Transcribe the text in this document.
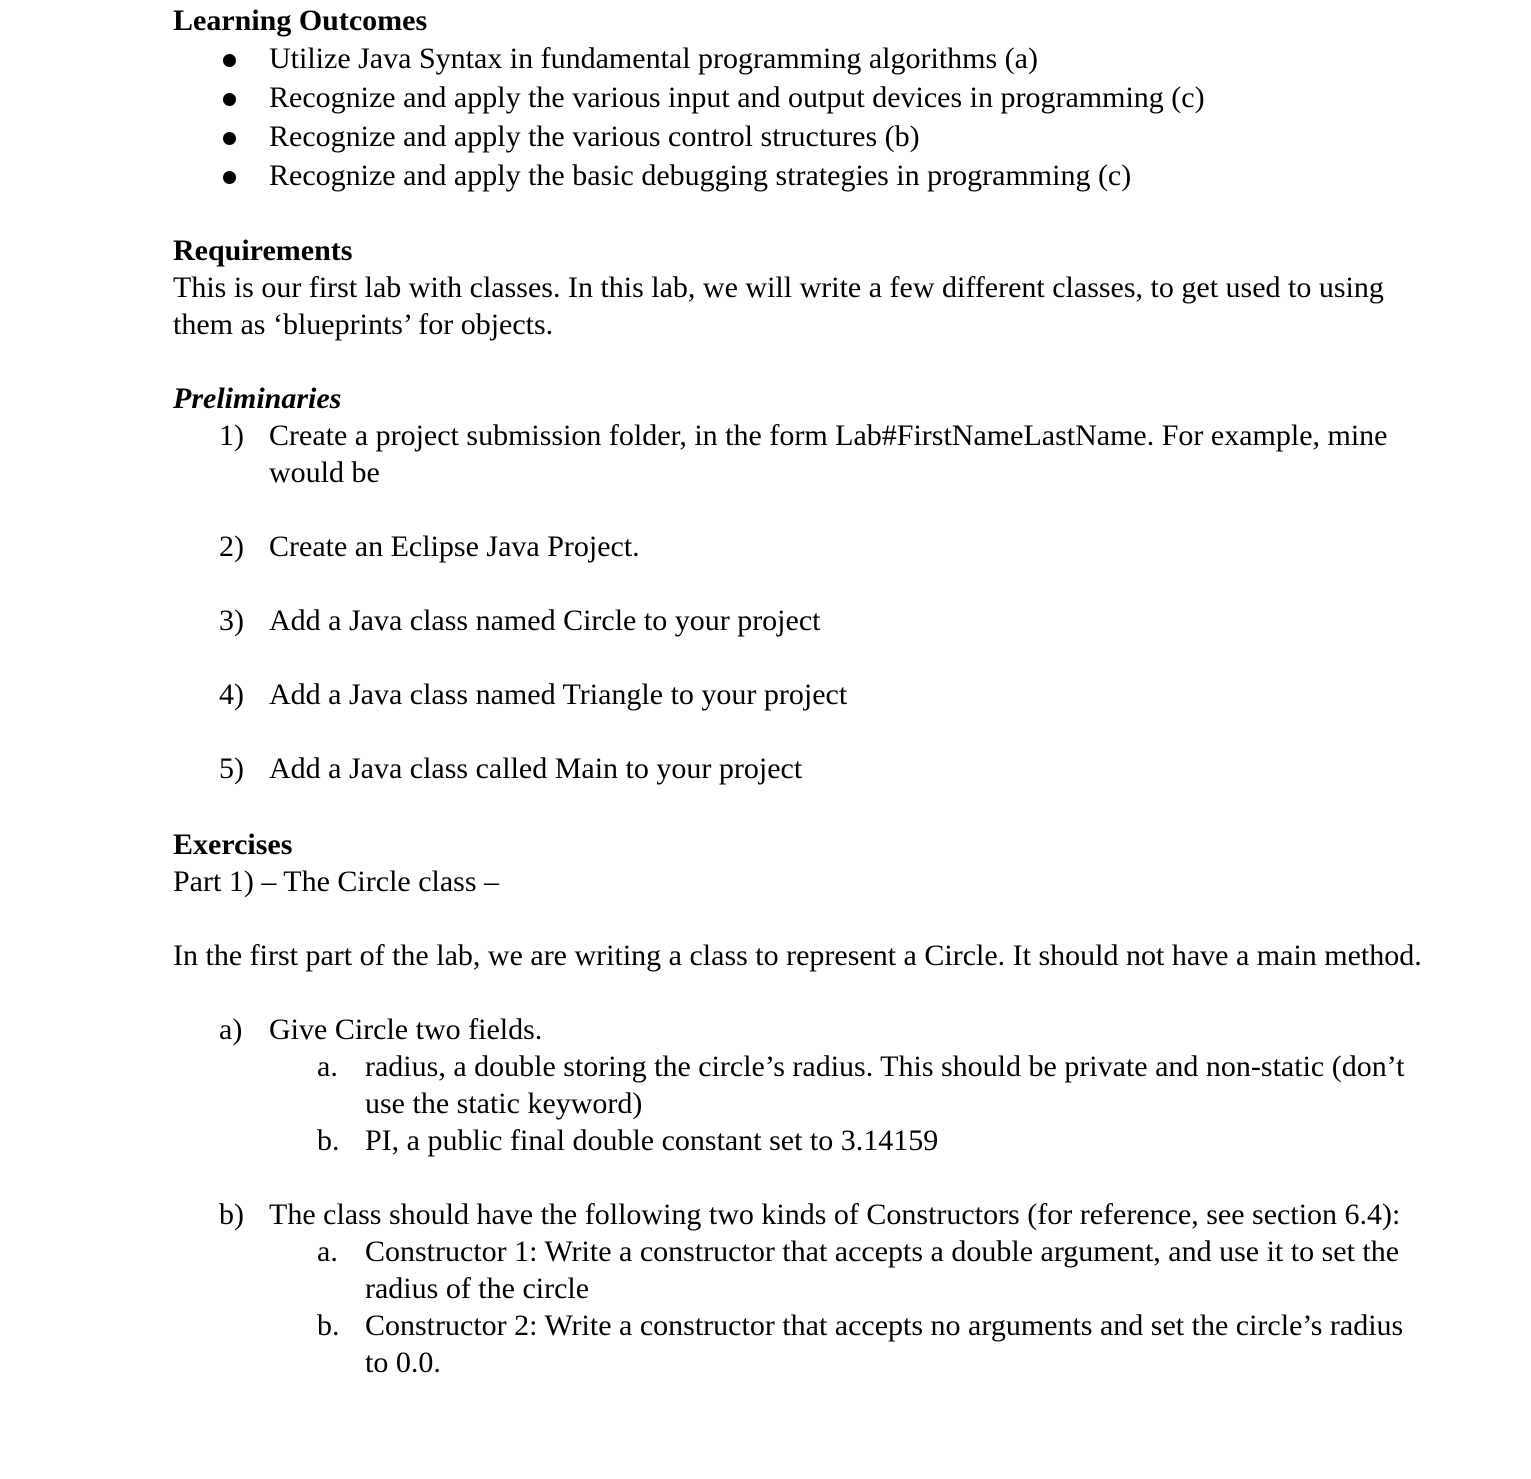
Learning Outcomes
Utilize Java Syntax in fundamental programming algorithms (a)
Recognize and apply the various input and output devices in programming (c)
Recognize and apply the various control structures (b)
Recognize and apply the basic debugging strategies in programming (c)
Requirements

This is our first lab with classes. In this lab, we will write a few different classes, to get used to using them as ‘blueprints’ for objects.

Preliminaries
1) Create a project submission folder, in the form Lab#FirstNameLastName. For example, mine would be
2) Create an Eclipse Java Project.
3) Add a Java class named Circle to your project
4) Add a Java class named Triangle to your project
5) Add a Java class called Main to your project
Exercises

Part 1) – The Circle class –

In the first part of the lab, we are writing a class to represent a Circle. It should not have a main method.

a) Give Circle two fields.
a. radius, a double storing the circle’s radius. This should be private and non-static (don’t use the static keyword)
b. PI, a public final double constant set to 3.14159
b) The class should have the following two kinds of Constructors (for reference, see section 6.4):
a. Constructor 1: Write a constructor that accepts a double argument, and use it to set the radius of the circle
b. Constructor 2: Write a constructor that accepts no arguments and set the circle’s radius to 0.0.
